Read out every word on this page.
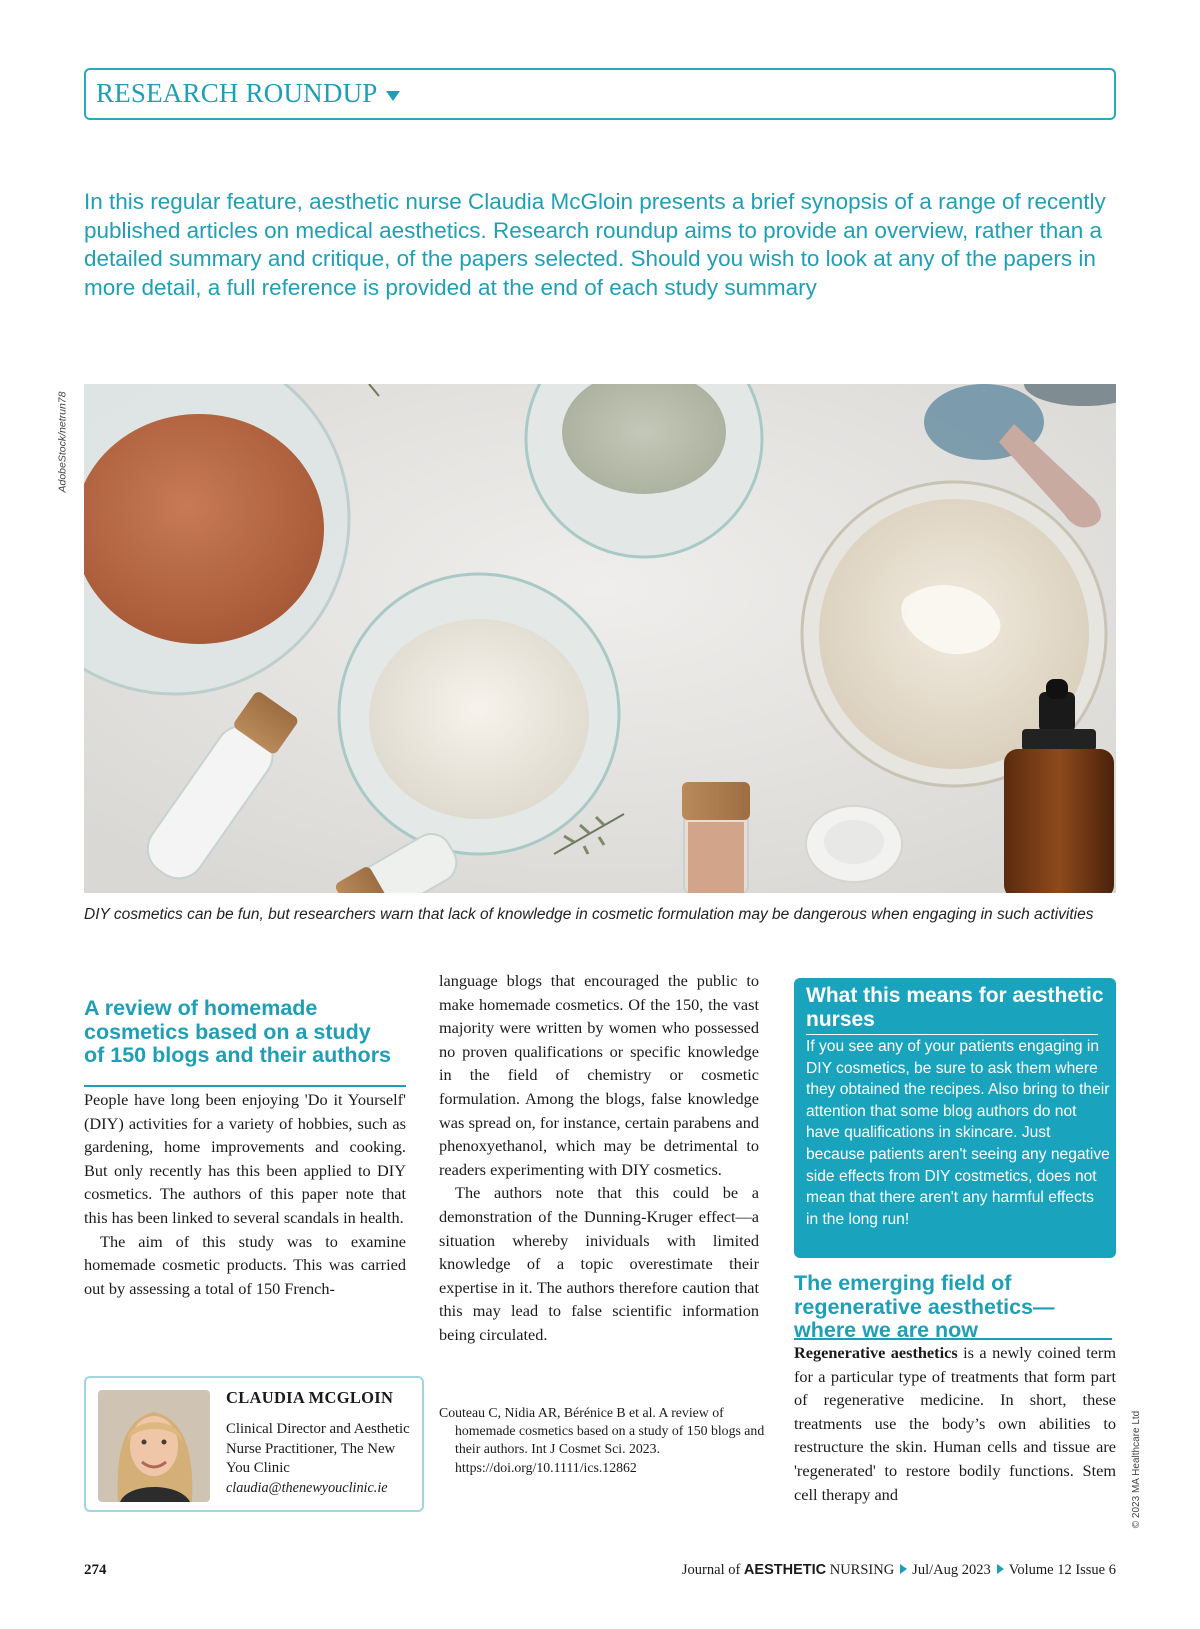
RESEARCH ROUNDUP
In this regular feature, aesthetic nurse Claudia McGloin presents a brief synopsis of a range of recently published articles on medical aesthetics. Research roundup aims to provide an overview, rather than a detailed summary and critique, of the papers selected. Should you wish to look at any of the papers in more detail, a full reference is provided at the end of each study summary
AdobeStock/netrun78
DIY cosmetics can be fun, but researchers warn that lack of knowledge in cosmetic formulation may be dangerous when engaging in such activities
A review of homemade cosmetics based on a study of 150 blogs and their authors

People have long been enjoying 'Do it Yourself' (DIY) activities for a variety of hobbies, such as gardening, home improvements and cooking. But only recently has this been applied to DIY cosmetics. The authors of this paper note that this has been linked to several scandals in health.

The aim of this study was to examine homemade cosmetic products. This was carried out by assessing a total of 150 French-

language blogs that encouraged the public to make homemade cosmetics. Of the 150, the vast majority were written by women who possessed no proven qualifications or specific knowledge in the field of chemistry or cosmetic formulation. Among the blogs, false knowledge was spread on, for instance, certain parabens and phenoxyethanol, which may be detrimental to readers experimenting with DIY cosmetics.

The authors note that this could be a demonstration of the Dunning-Kruger effect—a situation whereby inividuals with limited knowledge of a topic overestimate their expertise in it. The authors therefore caution that this may lead to false scientific information being circulated.

Couteau C, Nidia AR, Bérénice B et al. A review of homemade cosmetics based on a study of 150 blogs and their authors. Int J Cosmet Sci. 2023. https://doi.org/10.1111/ics.12862
CLAUDIA MCGLOIN
Clinical Director and Aesthetic Nurse Practitioner, The New You Clinic
claudia@thenewyouclinic.ie
What this means for aesthetic nurses
If you see any of your patients engaging in DIY cosmetics, be sure to ask them where they obtained the recipes. Also bring to their attention that some blog authors do not have qualifications in skincare. Just because patients aren't seeing any negative side effects from DIY costmetics, does not mean that there aren't any harmful effects in the long run!
The emerging field of regenerative aesthetics—where we are now

Regenerative aesthetics is a newly coined term for a particular type of treatments that form part of regenerative medicine. In short, these treatments use the body’s own abilities to restructure the skin. Human cells and tissue are 'regenerated' to restore bodily functions. Stem cell therapy and	© 2023 MA Healthcare Ltd
274	Journal of AESTHETIC NURSING Jul/Aug 2023 Volume 12 Issue 6
